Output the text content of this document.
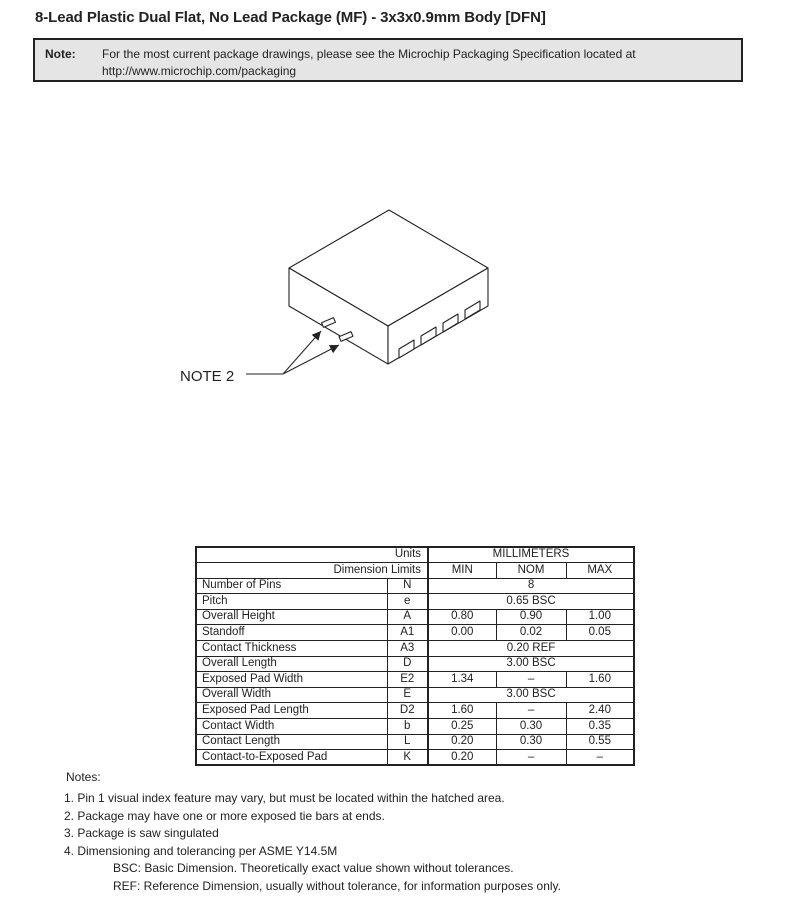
8-Lead Plastic Dual Flat, No Lead Package (MF) - 3x3x0.9mm Body [DFN]
Note:	For the most current package drawings, please see the Microchip Packaging Specification located at
http://www.microchip.com/packaging
NOTE 2
Units		MILLIMETERS		
Dimension Limits		MIN	NOM	MAX
Number of Pins	N	8		
Pitch	e	0.65 BSC		
Overall Height	A	0.80	0.90	1.00
Standoff	A1	0.00	0.02	0.05
Contact Thickness	A3	0.20 REF		
Overall Length	D	3.00 BSC		
Exposed Pad Width	E2	1.34	–	1.60
Overall Width	E	3.00 BSC		
Exposed Pad Length	D2	1.60	–	2.40
Contact Width	b	0.25	0.30	0.35
Contact Length	L	0.20	0.30	0.55
Contact-to-Exposed Pad	K	0.20	–	–
Notes:
1. Pin 1 visual index feature may vary, but must be located within the hatched area.
2. Package may have one or more exposed tie bars at ends.
3. Package is saw singulated
4. Dimensioning and tolerancing per ASME Y14.5M
BSC: Basic Dimension. Theoretically exact value shown without tolerances.
REF: Reference Dimension, usually without tolerance, for information purposes only.
